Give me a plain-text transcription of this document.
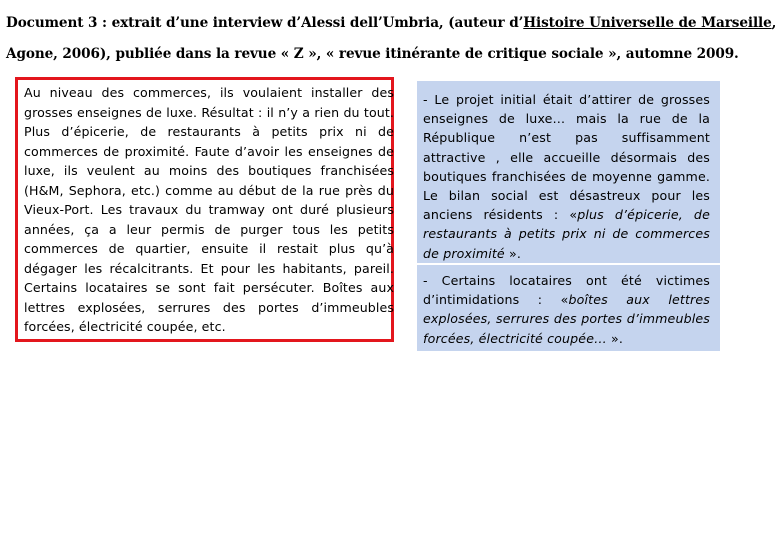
Document 3 : extrait d’une interview d’Alessi dell’Umbria, (auteur d’Histoire Universelle de Marseille,
Agone, 2006), publiée dans la revue « Z », « revue itinérante de critique sociale », automne 2009.
Au niveau des commerces, ils voulaient installer des grosses enseignes de luxe. Résultat : il n’y a rien du tout. Plus d’épicerie, de restaurants à petits prix ni de commerces de proximité. Faute d’avoir les enseignes de luxe, ils veulent au moins des boutiques franchisées (H&M, Sephora, etc.) comme au début de la rue près du Vieux-Port. Les travaux du tramway ont duré plusieurs années, ça a leur permis de purger tous les petits commerces de quartier, ensuite il restait plus qu’à dégager les récalcitrants. Et pour les habitants, pareil. Certains locataires se sont fait persécuter. Boîtes aux lettres explosées, serrures des portes d’immeubles forcées, électricité coupée, etc.
- Le projet initial était d’attirer de grosses enseignes de luxe… mais la rue de la République n’est pas suffisamment attractive , elle accueille désormais des boutiques franchisées de moyenne gamme. Le bilan social est désastreux pour les anciens résidents : «plus d’épicerie, de restaurants à petits prix ni de commerces de proximité ».
- Certains locataires ont été victimes d’intimidations : «boîtes aux lettres explosées, serrures des portes d’immeubles forcées, électricité coupée… ».
